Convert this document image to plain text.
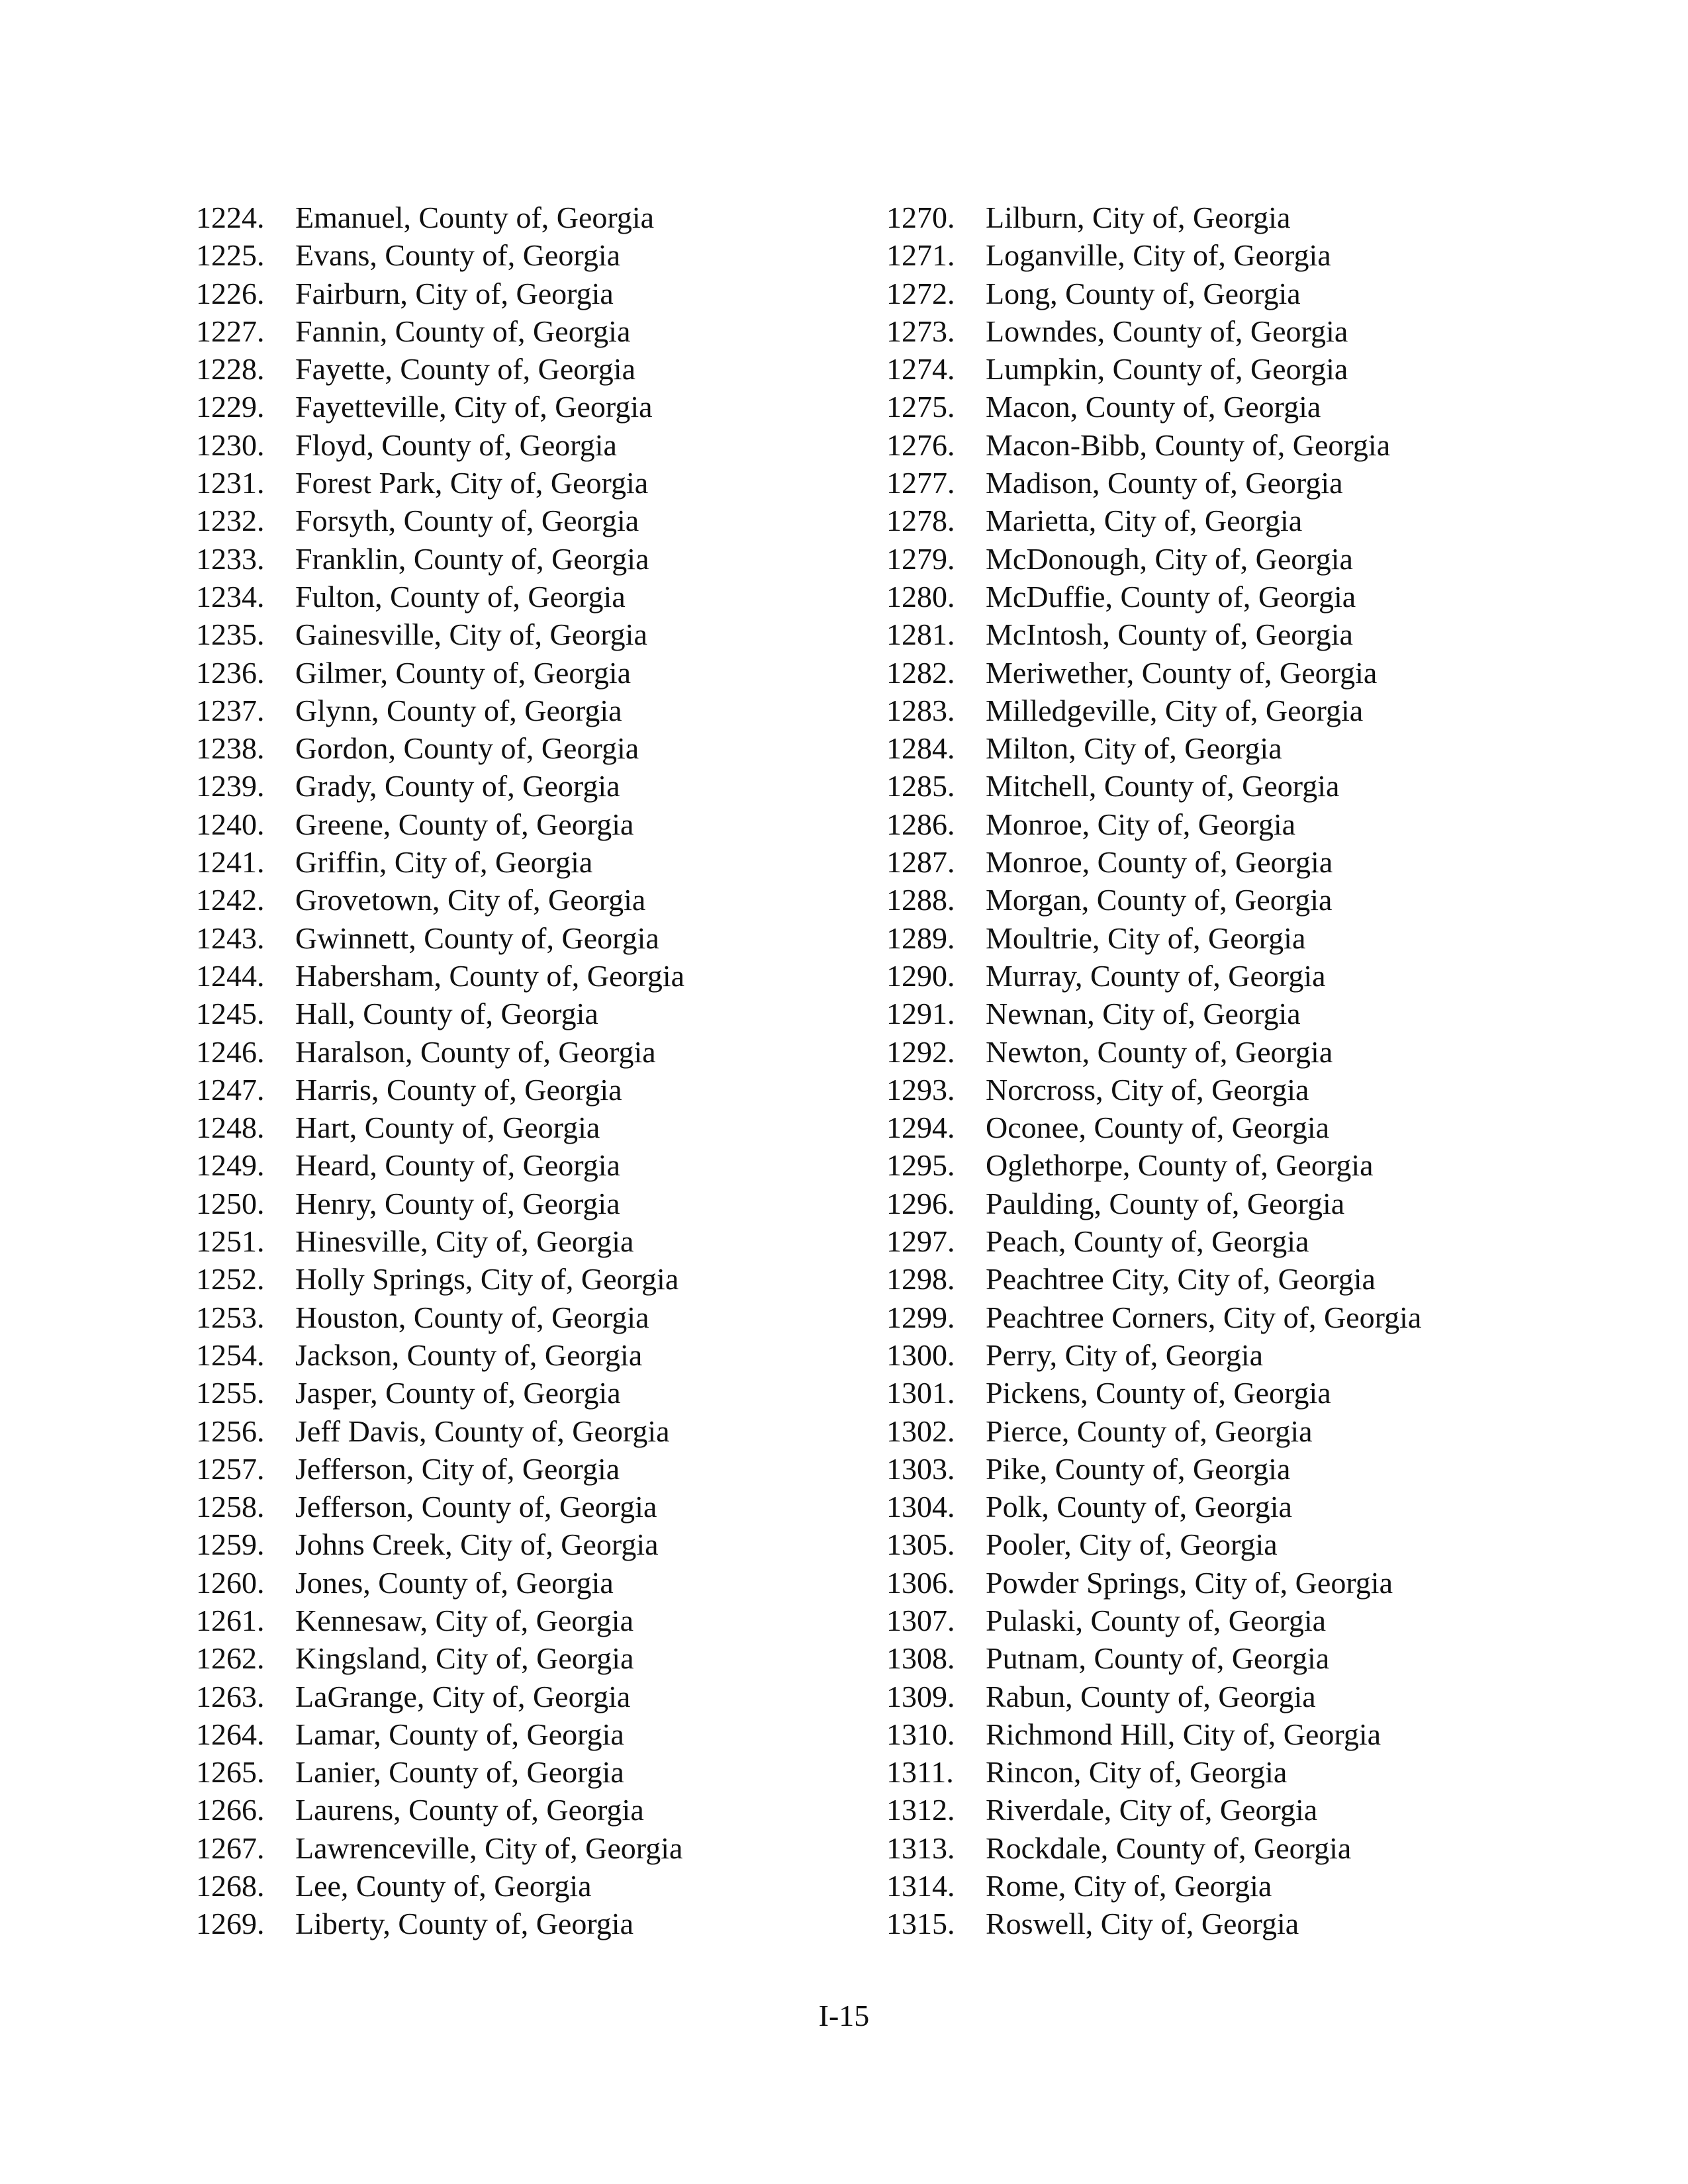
1224.	Emanuel, County of, Georgia
1225.	Evans, County of, Georgia
1226.	Fairburn, City of, Georgia
1227.	Fannin, County of, Georgia
1228.	Fayette, County of, Georgia
1229.	Fayetteville, City of, Georgia
1230.	Floyd, County of, Georgia
1231.	Forest Park, City of, Georgia
1232.	Forsyth, County of, Georgia
1233.	Franklin, County of, Georgia
1234.	Fulton, County of, Georgia
1235.	Gainesville, City of, Georgia
1236.	Gilmer, County of, Georgia
1237.	Glynn, County of, Georgia
1238.	Gordon, County of, Georgia
1239.	Grady, County of, Georgia
1240.	Greene, County of, Georgia
1241.	Griffin, City of, Georgia
1242.	Grovetown, City of, Georgia
1243.	Gwinnett, County of, Georgia
1244.	Habersham, County of, Georgia
1245.	Hall, County of, Georgia
1246.	Haralson, County of, Georgia
1247.	Harris, County of, Georgia
1248.	Hart, County of, Georgia
1249.	Heard, County of, Georgia
1250.	Henry, County of, Georgia
1251.	Hinesville, City of, Georgia
1252.	Holly Springs, City of, Georgia
1253.	Houston, County of, Georgia
1254.	Jackson, County of, Georgia
1255.	Jasper, County of, Georgia
1256.	Jeff Davis, County of, Georgia
1257.	Jefferson, City of, Georgia
1258.	Jefferson, County of, Georgia
1259.	Johns Creek, City of, Georgia
1260.	Jones, County of, Georgia
1261.	Kennesaw, City of, Georgia
1262.	Kingsland, City of, Georgia
1263.	LaGrange, City of, Georgia
1264.	Lamar, County of, Georgia
1265.	Lanier, County of, Georgia
1266.	Laurens, County of, Georgia
1267.	Lawrenceville, City of, Georgia
1268.	Lee, County of, Georgia
1269.	Liberty, County of, Georgia
1270.	Lilburn, City of, Georgia
1271.	Loganville, City of, Georgia
1272.	Long, County of, Georgia
1273.	Lowndes, County of, Georgia
1274.	Lumpkin, County of, Georgia
1275.	Macon, County of, Georgia
1276.	Macon-Bibb, County of, Georgia
1277.	Madison, County of, Georgia
1278.	Marietta, City of, Georgia
1279.	McDonough, City of, Georgia
1280.	McDuffie, County of, Georgia
1281.	McIntosh, County of, Georgia
1282.	Meriwether, County of, Georgia
1283.	Milledgeville, City of, Georgia
1284.	Milton, City of, Georgia
1285.	Mitchell, County of, Georgia
1286.	Monroe, City of, Georgia
1287.	Monroe, County of, Georgia
1288.	Morgan, County of, Georgia
1289.	Moultrie, City of, Georgia
1290.	Murray, County of, Georgia
1291.	Newnan, City of, Georgia
1292.	Newton, County of, Georgia
1293.	Norcross, City of, Georgia
1294.	Oconee, County of, Georgia
1295.	Oglethorpe, County of, Georgia
1296.	Paulding, County of, Georgia
1297.	Peach, County of, Georgia
1298.	Peachtree City, City of, Georgia
1299.	Peachtree Corners, City of, Georgia
1300.	Perry, City of, Georgia
1301.	Pickens, County of, Georgia
1302.	Pierce, County of, Georgia
1303.	Pike, County of, Georgia
1304.	Polk, County of, Georgia
1305.	Pooler, City of, Georgia
1306.	Powder Springs, City of, Georgia
1307.	Pulaski, County of, Georgia
1308.	Putnam, County of, Georgia
1309.	Rabun, County of, Georgia
1310.	Richmond Hill, City of, Georgia
1311.	Rincon, City of, Georgia
1312.	Riverdale, City of, Georgia
1313.	Rockdale, County of, Georgia
1314.	Rome, City of, Georgia
1315.	Roswell, City of, Georgia
I-15
